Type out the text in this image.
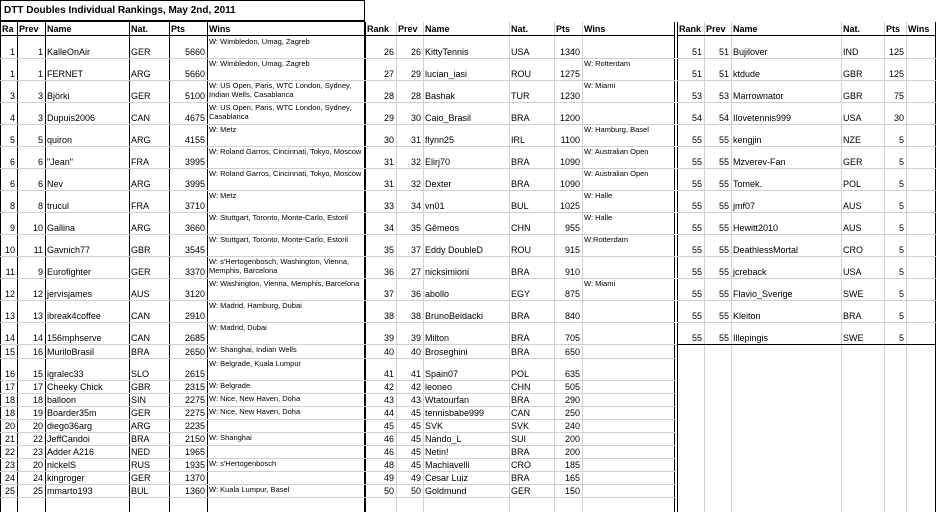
DTT Doubles Individual Rankings, May 2nd, 2011
Ra Prev Name	Nat.	Pts	Wins
1	1 KalleOnAir	GER	5660
W: Wimbledon, Umag, Zagreb
1	1 FERNET	ARG	5660
W: Wimbledon, Umag, Zagreb
3	3 Björki	GER	5100
W: US Open, Paris, WTC London, Sydney, Indian Wells, Casablanca
4	3 Dupuis2006	CAN	4675
W: US Open, Paris, WTC London, Sydney, Casablanca
5	5 quiron	ARG	4155
W: Metz
6	6 "Jean"	FRA	3995
W: Roland Garros, Cincinnati, Tokyo, Moscow
6	6 Nev	ARG	3995
W: Roland Garros, Cincinnati, Tokyo, Moscow
8	8 trucul	FRA	3710
W: Metz
9	10 Gallina	ARG	3660
W: Stuttgart, Toronto, Monte-Carlo, Estoril
10	11 Gavnich77	GBR	3545
W: Stuttgart, Toronto, Monte-Carlo, Estoril
11	9 Eurofighter	GER	3370
W: s'Hertogenbosch, Washington, Vienna, Memphis, Barcelona
12	12 jervisjames	AUS	3120
W: Washington, Vienna, Memphis, Barcelona
13	13 ibreak4coffee	CAN	2910
W: Madrid, Hamburg, Dubai
14	14 156mphserve	CAN	2685
W: Madrid, Dubai
15	16 MuriloBrasil	BRA	2650 W: Shanghai, Indian Wells
16	15 igralec33	SLO	2615
W: Belgrade, Kuala Lumpur
17	17 Cheeky Chick	GBR	2315 W: Belgrade
18	18 balloon	SIN	2275 W: Nice, New Haven, Doha
18	19 Boarder35m	GER	2275 W: Nice, New Haven, Doha
20	20 diego36arg	ARG	2235
21	22 JeffCandoi	BRA	2150 W: Shanghai
22	23 Adder A216	NED	1965
23	20 nickelS	RUS	1935 W: s'Hertogenbosch
24	24 kingroger	GER	1370
25	25 mmarto193	BUL	1360 W: Kuala Lumpur, Basel
Rank Prev Name	Nat.	Pts	Wins
26	26 KittyTennis	USA	1340
27	29 lucian_iasi	ROU	1275
W: Rotterdam
28	28 Bashak	TUR	1230
W: Miami
29	30 Caio_Brasil	BRA	1200
30	31 flynn25	IRL	1100
W: Hamburg, Basel
31	32 Elirj70	BRA	1090
W: Australian Open
31	32 Dexter	BRA	1090
W: Australian Open
33	34 vn01	BUL	1025
W: Halle
34	35 Gêmeos	CHN	955
W: Halle
35	37 Eddy DoubleD	ROU	915
W:Rotterdam
36	27 nicksimioni	BRA	910
37	36 abollo	EGY	875
W: Miami
38	38 BrunoBeidacki	BRA	840
39	39 Milton	BRA	705
40	40 Broseghini	BRA	650
41	41 Spain07	POL	635
42	42 leoneo	CHN	505
43	43 Wtatourfan	BRA	290
44	45 tennisbabe999	CAN	250
45	45 SVK	SVK	240
46	45 Nando_L	SUI	200
46	45 Netin!	BRA	200
48	45 Machiavelli	CRO	185
49	49 Cesar Luiz	BRA	165
50	50 Goldmund	GER	150
Rank Prev Name	Nat.	Pts Wins
51	51 Bujilover	IND	125
51	51 ktdude	GBR	125
53	53 Marrownator	GBR	75
54	54 Ilovetennis999	USA	30
55	55 kengjin	NZE	5
55	55 Mzverev-Fan	GER	5
55	55 Tomek.	POL	5
55	55 jmf07	AUS	5
55	55 Hewitt2010	AUS	5
55	55 DeathlessMortal	CRO	5
55	55 jcreback	USA	5
55	55 Flavio_Sverige	SWE	5
55	55 Kleiton	BRA	5
55	55 Illepingis	SWE	5
